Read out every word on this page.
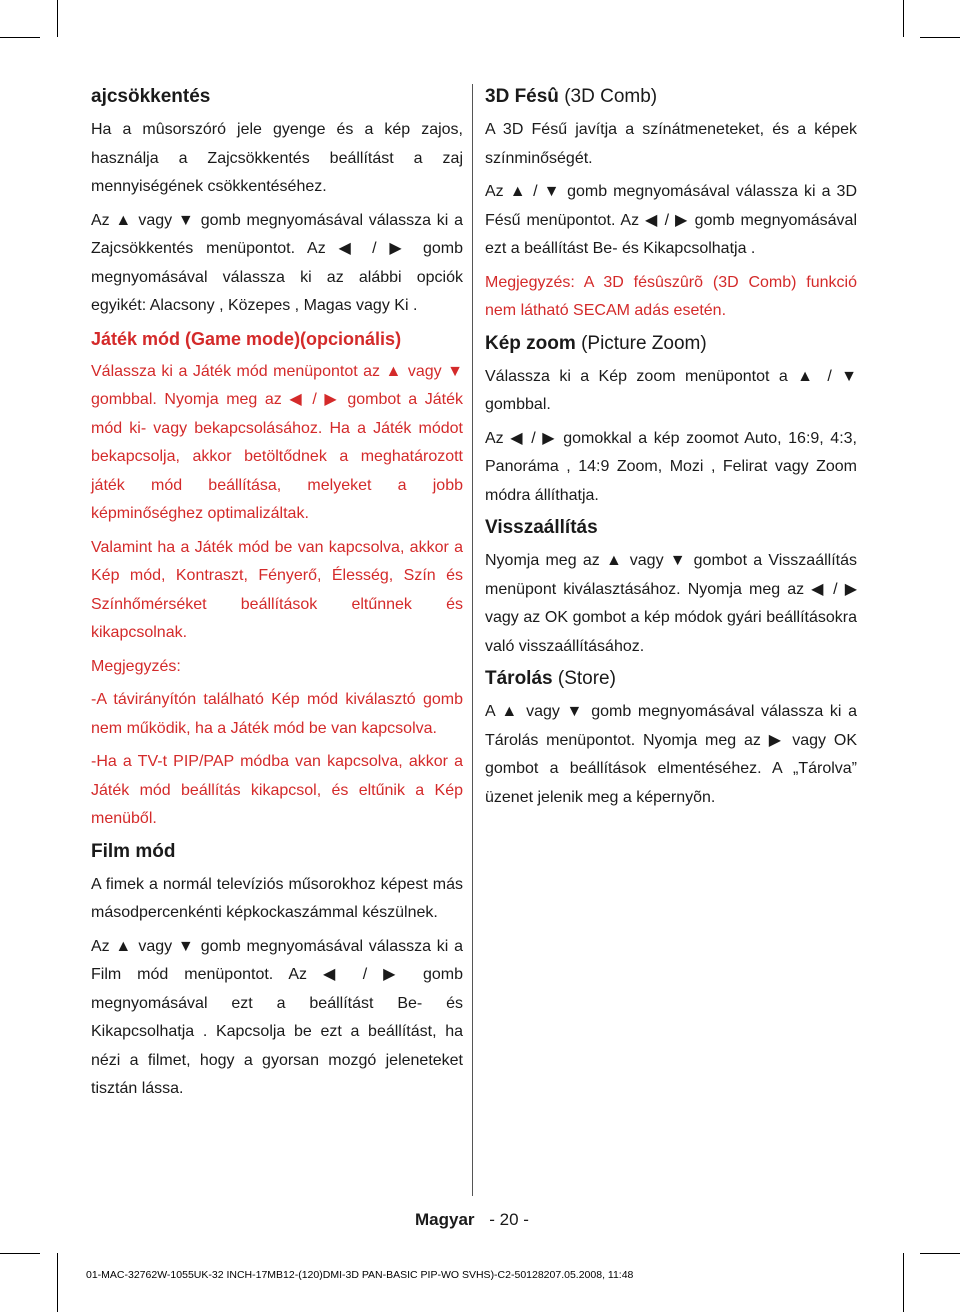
ajcsökkentés

Ha a mûsorszóró jele gyenge és a kép zajos, használja a Zajcsökkentés beállítást a zaj mennyiségének csökkentéséhez.

Az ▲ vagy ▼ gomb megnyomásával válassza ki a Zajcsökkentés menüpontot. Az ◀ / ▶ gomb megnyomásával válassza ki az alábbi opciók egyikét: Alacsony , Közepes , Magas vagy Ki .

Játék mód (Game mode)(opcionális)

Válassza ki a Játék mód menüpontot az ▲ vagy ▼ gombbal. Nyomja meg az ◀ / ▶ gombot a Játék mód ki- vagy bekapcsolásához. Ha a Játék módot bekapcsolja, akkor betöltődnek a meghatározott játék mód beállítása, melyeket a jobb képminőséghez optimalizáltak.

Valamint ha a Játék mód be van kapcsolva, akkor a Kép mód, Kontraszt, Fényerő, Élesség, Szín és Színhőmérséket beállítások eltűnnek és kikapcsolnak.

Megjegyzés:

-A távirányítón található Kép mód kiválasztó gomb nem működik, ha a Játék mód be van kapcsolva.

-Ha a TV-t PIP/PAP módba van kapcsolva, akkor a Játék mód beállítás kikapcsol, és eltűnik a Kép menüből.

Film mód

A fimek a normál televíziós műsorokhoz képest más másodpercenkénti képkockaszámmal készülnek.

Az ▲ vagy ▼ gomb megnyomásával válassza ki a Film mód menüpontot. Az ◀ / ▶ gomb megnyomásával ezt a beállítást Be- és Kikapcsolhatja . Kapcsolja be ezt a beállítást, ha nézi a filmet, hogy a gyorsan mozgó jeleneteket tisztán lássa.

3D Fésû (3D Comb)

A 3D Fésű javítja a színátmeneteket, és a képek színminőségét.

Az ▲ / ▼ gomb megnyomásával válassza ki a 3D Fésű menüpontot. Az ◀ / ▶ gomb megnyomásával ezt a beállítást Be- és Kikapcsolhatja .

Megjegyzés: A 3D fésûszûrõ (3D Comb) funkció nem látható SECAM adás esetén.

Kép zoom (Picture Zoom)

Válassza ki a Kép zoom menüpontot a ▲ / ▼ gombbal.

Az ◀ / ▶ gomokkal a kép zoomot Auto, 16:9, 4:3, Panoráma , 14:9 Zoom, Mozi , Felirat vagy Zoom módra állíthatja.

Visszaállítás

Nyomja meg az ▲ vagy ▼ gombot a Visszaállítás menüpont kiválasztásához. Nyomja meg az ◀ / ▶ vagy az OK gombot a kép módok gyári beállításokra való visszaállításához.

Tárolás (Store)

A ▲ vagy ▼ gomb megnyomásával válassza ki a Tárolás menüpontot. Nyomja meg az ▶ vagy OK gombot a beállítások elmentéséhez. A „Tárolva” üzenet jelenik meg a képernyõn.

Magyar - 20 -
01-MAC-32762W-1055UK-32 INCH-17MB12-(120)DMI-3D PAN-BASIC PIP-WO SVHS)-C2-50128207.05.2008, 11:48
